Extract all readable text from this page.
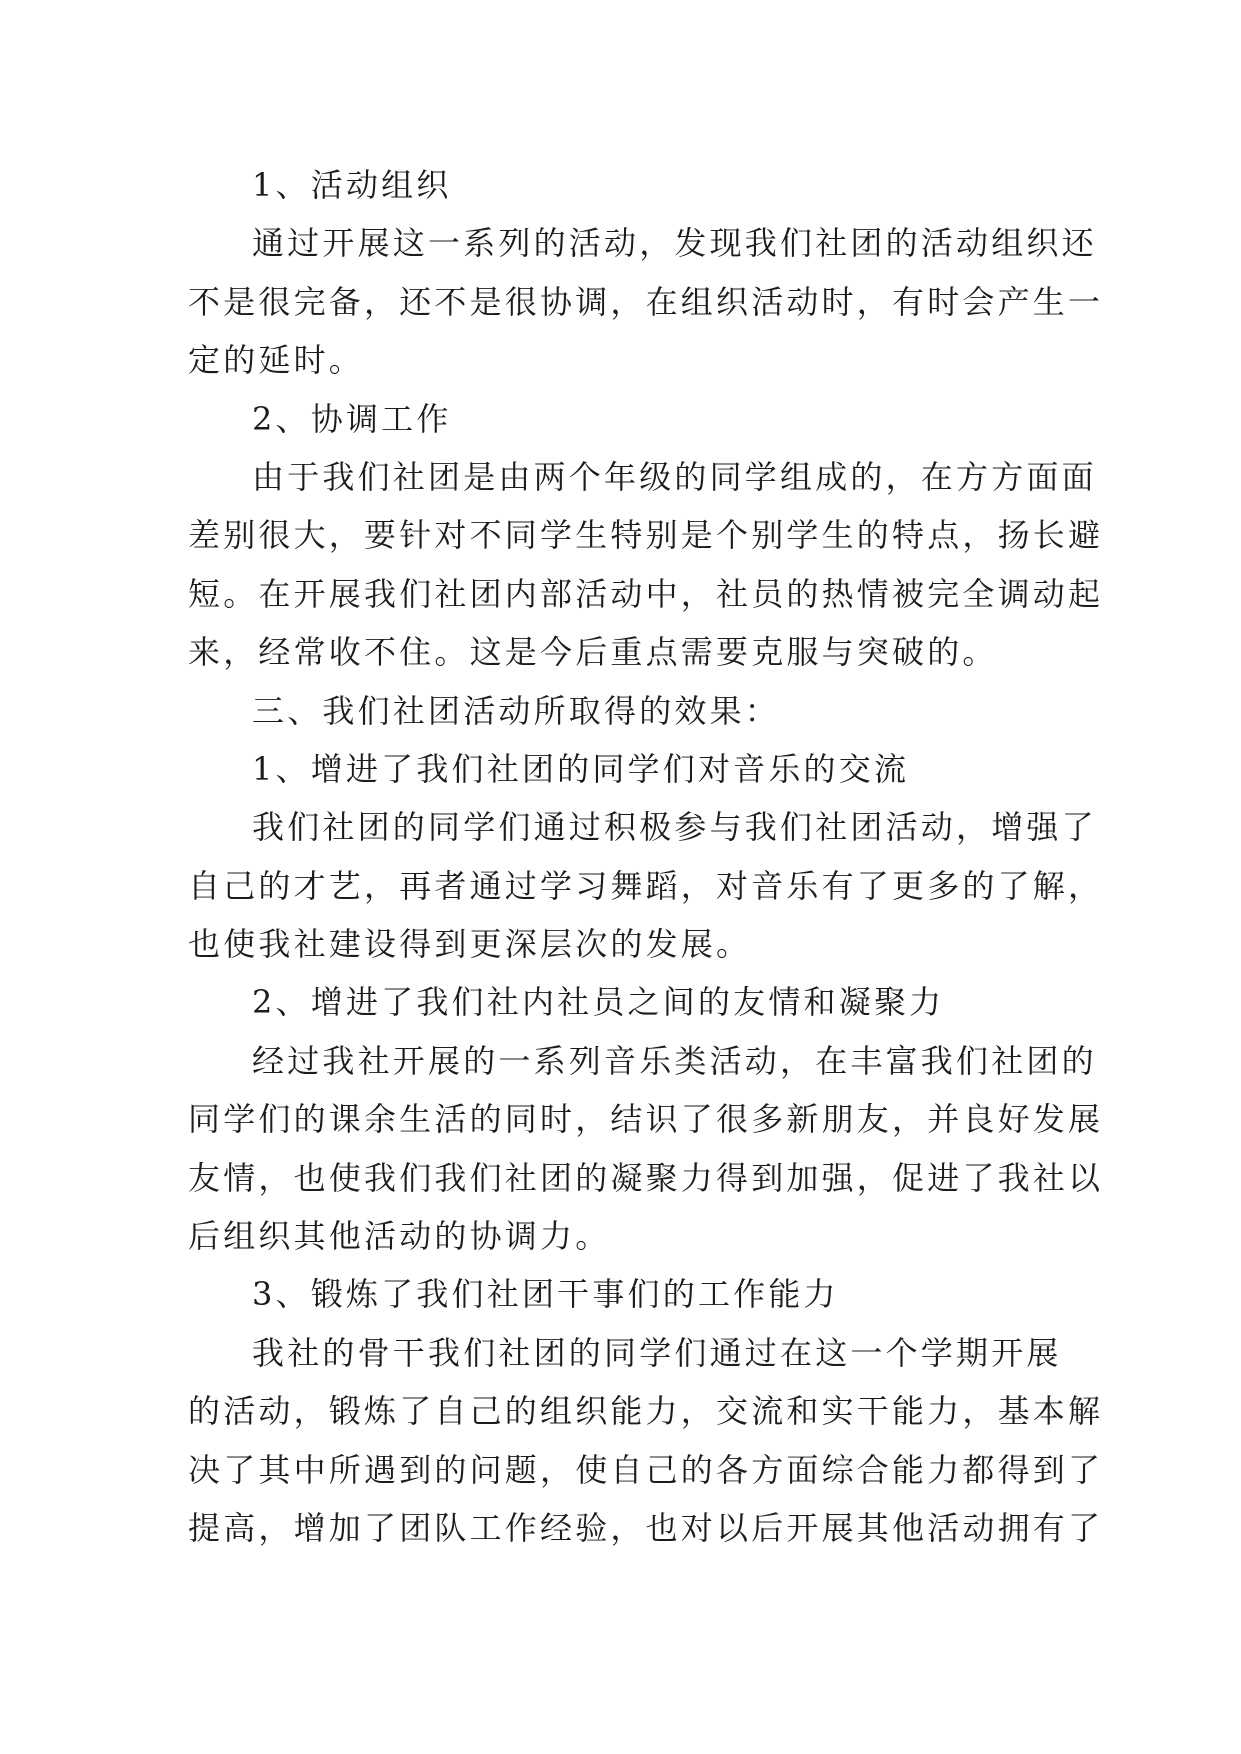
1、活动组织

通过开展这一系列的活动，发现我们社团的活动组织还

不是很完备，还不是很协调，在组织活动时，有时会产生一

定的延时。

2、协调工作

由于我们社团是由两个年级的同学组成的，在方方面面

差别很大，要针对不同学生特别是个别学生的特点，扬长避

短。在开展我们社团内部活动中，社员的热情被完全调动起

来，经常收不住。这是今后重点需要克服与突破的。

三、我们社团活动所取得的效果：

1、增进了我们社团的同学们对音乐的交流

我们社团的同学们通过积极参与我们社团活动，增强了

自己的才艺，再者通过学习舞蹈，对音乐有了更多的了解，

也使我社建设得到更深层次的发展。

2、增进了我们社内社员之间的友情和凝聚力

经过我社开展的一系列音乐类活动，在丰富我们社团的

同学们的课余生活的同时，结识了很多新朋友，并良好发展

友情，也使我们我们社团的凝聚力得到加强，促进了我社以

后组织其他活动的协调力。

3、锻炼了我们社团干事们的工作能力

我社的骨干我们社团的同学们通过在这一个学期开展

的活动，锻炼了自己的组织能力，交流和实干能力，基本解

决了其中所遇到的问题，使自己的各方面综合能力都得到了

提高，增加了团队工作经验，也对以后开展其他活动拥有了
